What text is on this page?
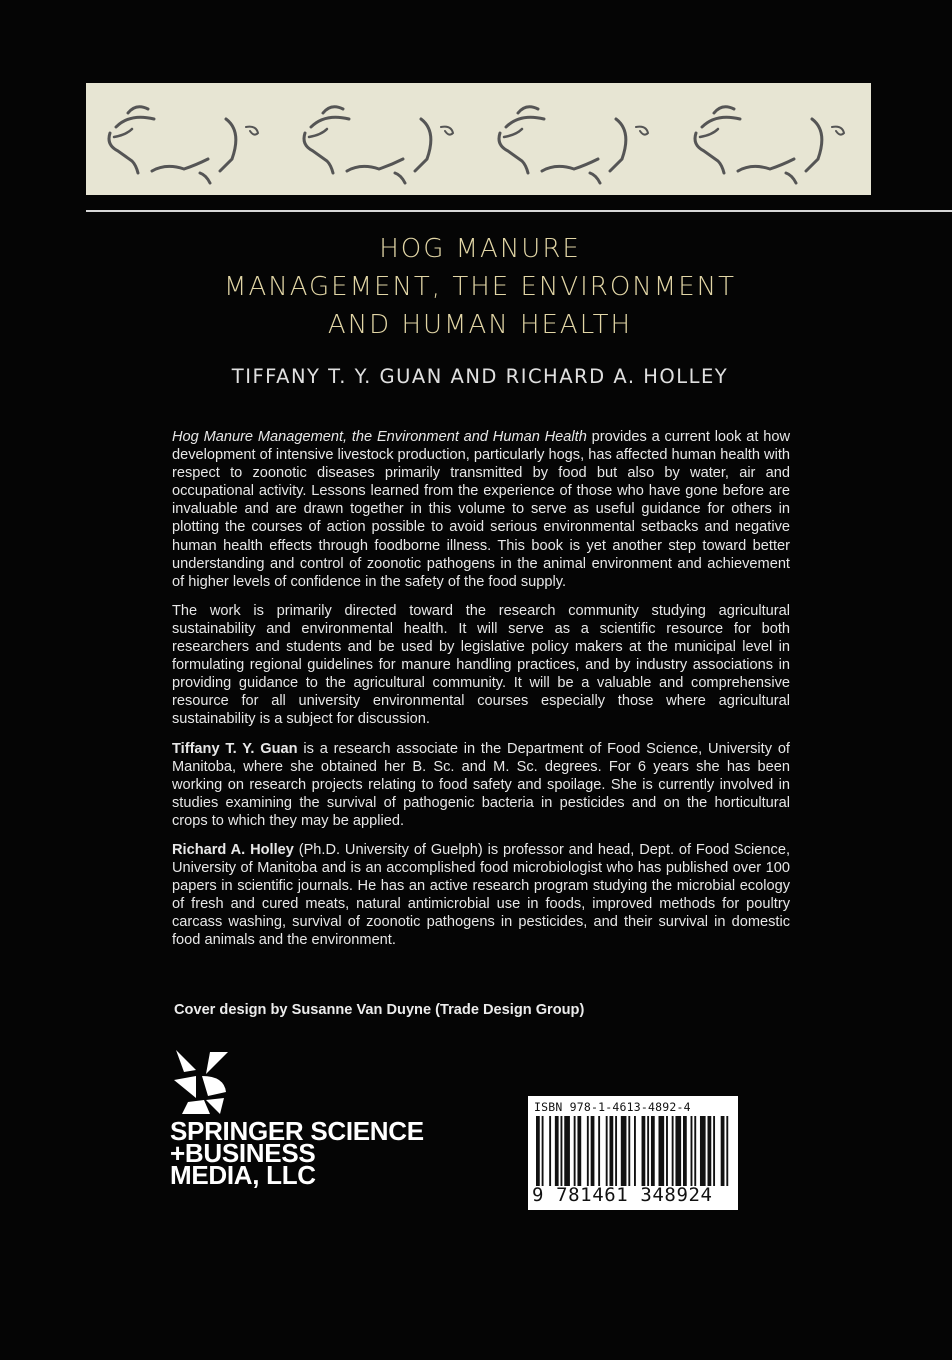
HOG MANURE
MANAGEMENT, THE ENVIRONMENT
AND HUMAN HEALTH
TIFFANY T. Y. GUAN AND RICHARD A. HOLLEY

Hog Manure Management, the Environment and Human Health provides a current look at how development of intensive livestock production, particularly hogs, has affected human health with respect to zoonotic diseases primarily transmitted by food but also by water, air and occupational activity. Lessons learned from the experience of those who have gone before are invaluable and are drawn together in this volume to serve as useful guidance for others in plotting the courses of action possible to avoid serious environmental setbacks and negative human health effects through foodborne illness. This book is yet another step toward better understanding and control of zoonotic pathogens in the animal environment and achievement of higher levels of confidence in the safety of the food supply.

The work is primarily directed toward the research community studying agricultural sustainability and environmental health. It will serve as a scientific resource for both researchers and students and be used by legislative policy makers at the municipal level in formulating regional guidelines for manure handling practices, and by industry associations in providing guidance to the agricultural community. It will be a valuable and comprehensive resource for all university environmental courses especially those where agricultural sustainability is a subject for discussion.

Tiffany T. Y. Guan is a research associate in the Department of Food Science, University of Manitoba, where she obtained her B. Sc. and M. Sc. degrees. For 6 years she has been working on research projects relating to food safety and spoilage. She is currently involved in studies examining the survival of pathogenic bacteria in pesticides and on the horticultural crops to which they may be applied.

Richard A. Holley (Ph.D. University of Guelph) is professor and head, Dept. of Food Science, University of Manitoba and is an accomplished food microbiologist who has published over 100 papers in scientific journals. He has an active research program studying the microbial ecology of fresh and cured meats, natural antimicrobial use in foods, improved methods for poultry carcass washing, survival of zoonotic pathogens in pesticides, and their survival in domestic food animals and the environment.

Cover design by Susanne Van Duyne (Trade Design Group)
SPRINGER SCIENCE
+BUSINESS
MEDIA, LLC
ISBN 978-1-4613-4892-4
9 781461 348924
